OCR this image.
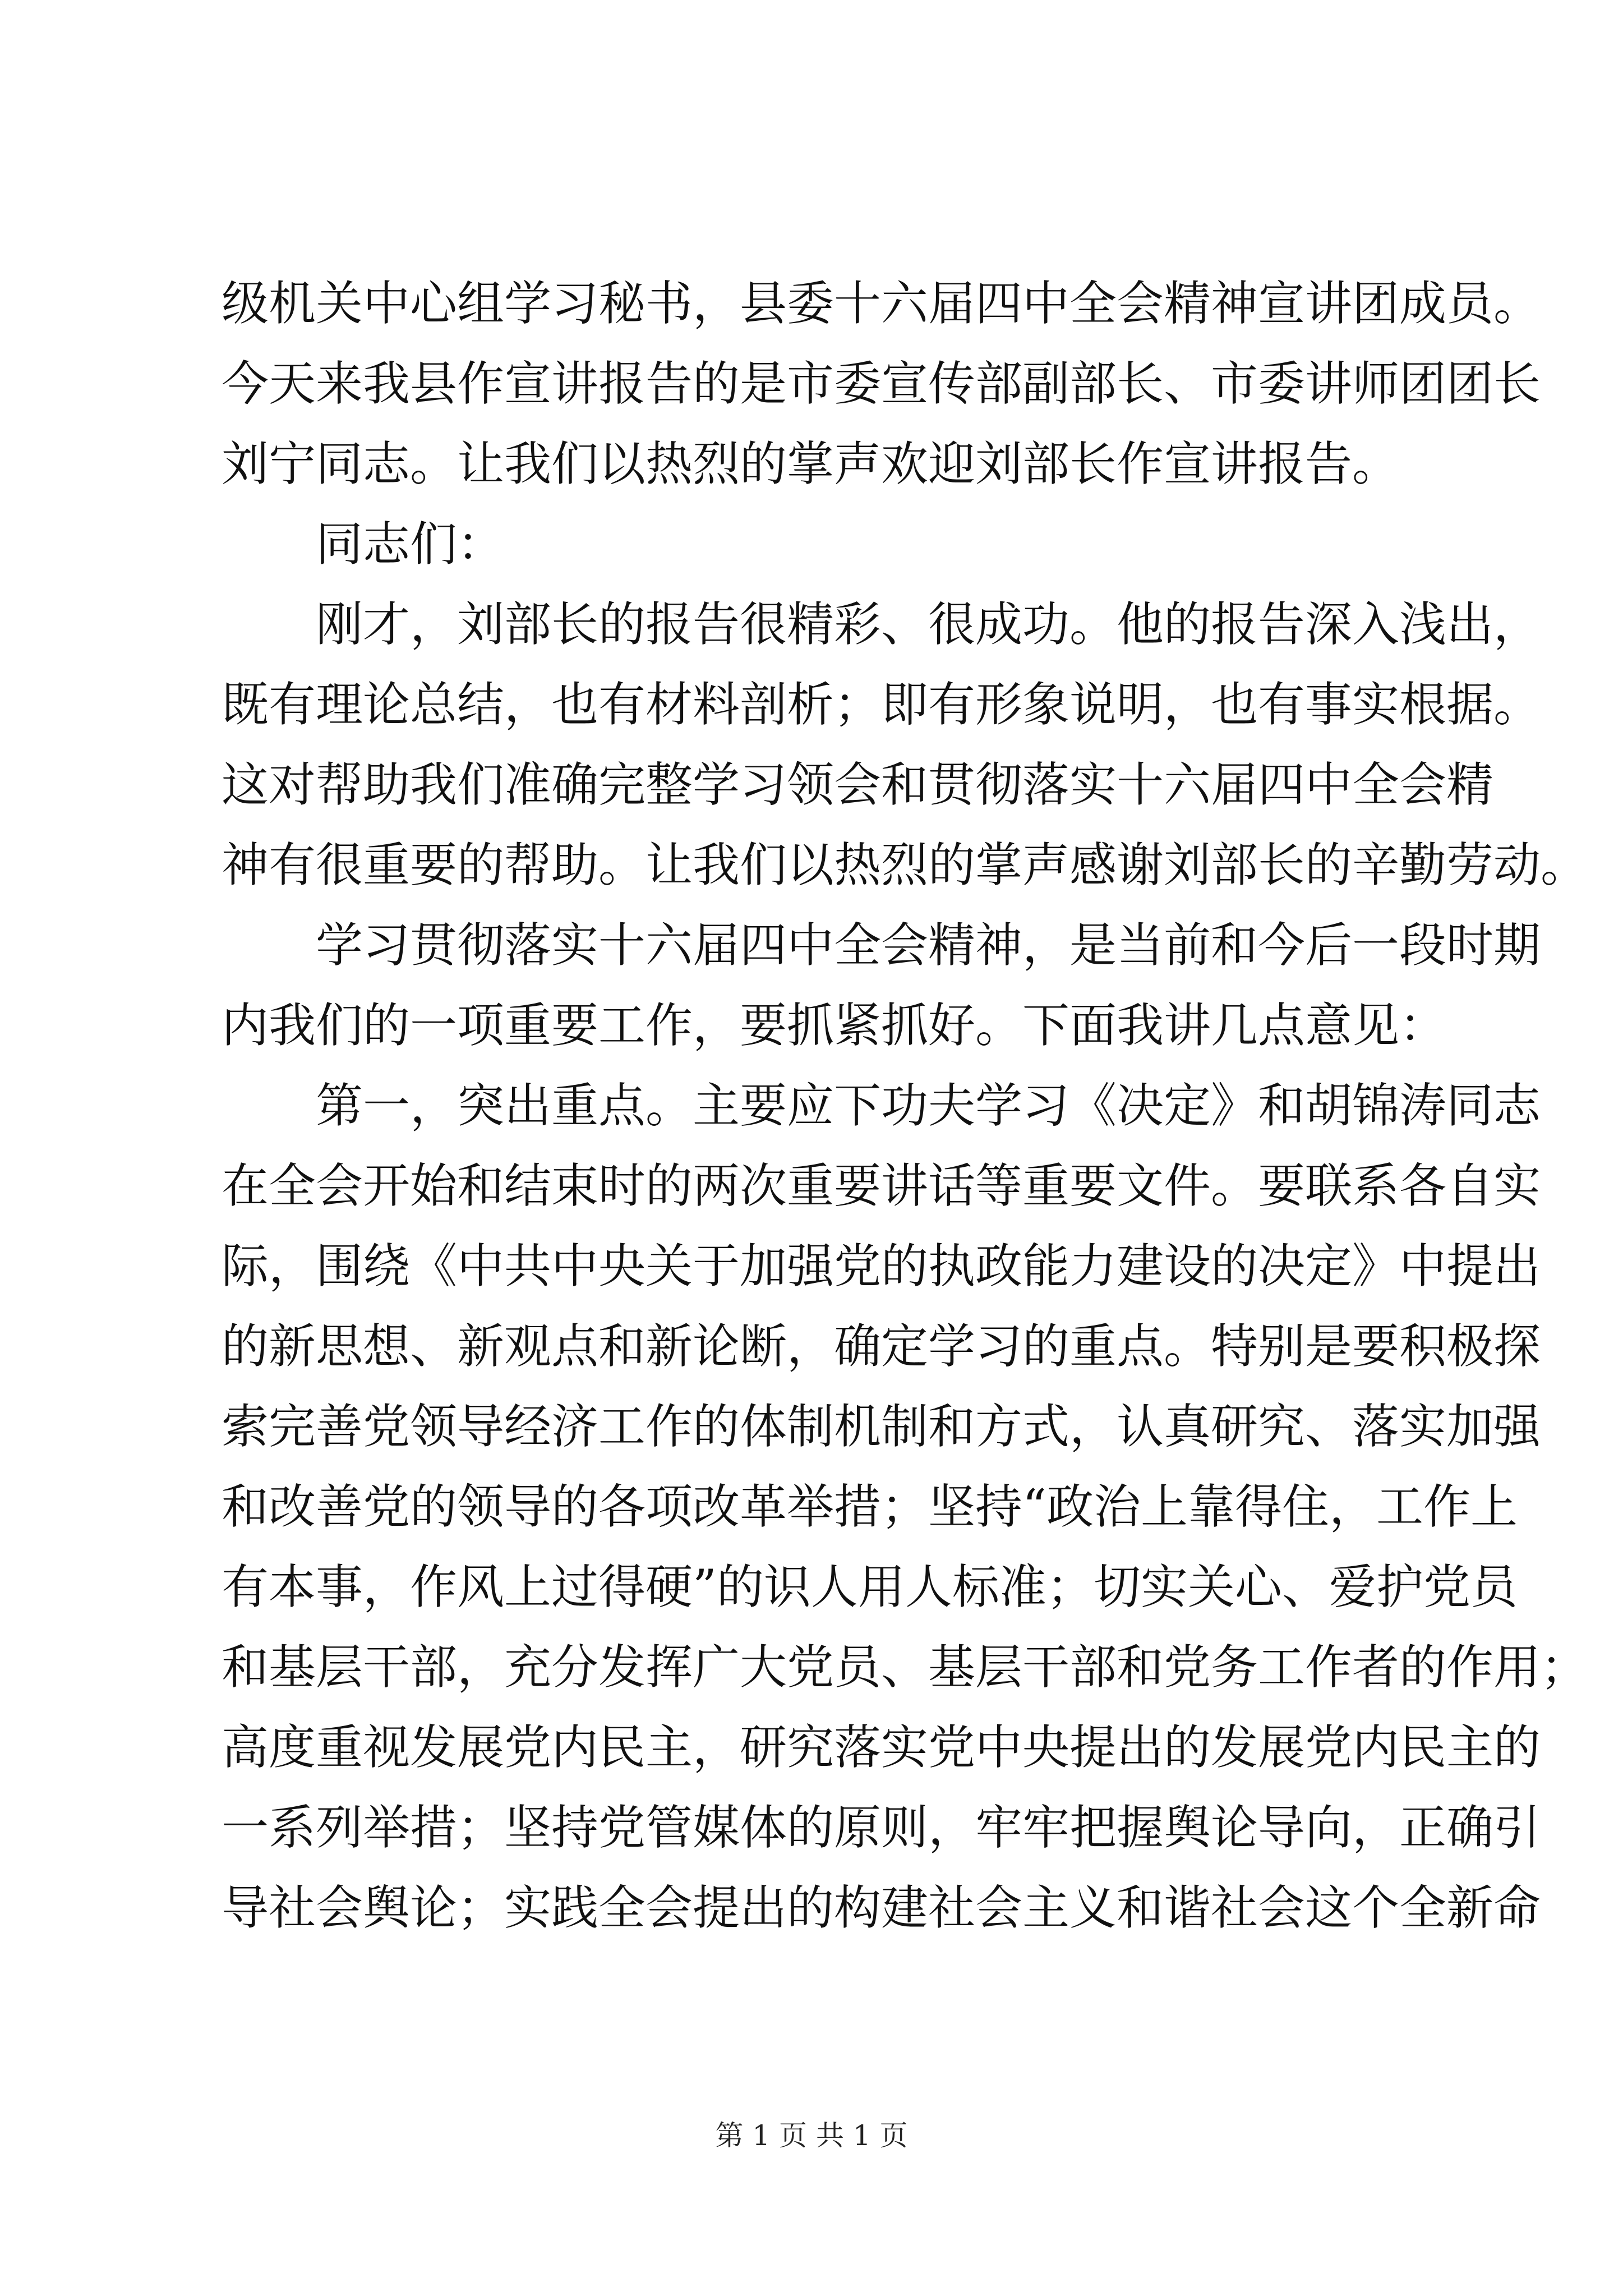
级机关中心组学习秘书，县委十六届四中全会精神宣讲团成员。
今天来我县作宣讲报告的是市委宣传部副部长、市委讲师团团长
刘宁同志。让我们以热烈的掌声欢迎刘部长作宣讲报告。
同志们：
刚才，刘部长的报告很精彩、很成功。他的报告深入浅出，
既有理论总结，也有材料剖析；即有形象说明，也有事实根据。
这对帮助我们准确完整学习领会和贯彻落实十六届四中全会精
神有很重要的帮助。让我们以热烈的掌声感谢刘部长的辛勤劳动。
学习贯彻落实十六届四中全会精神，是当前和今后一段时期
内我们的一项重要工作，要抓紧抓好。下面我讲几点意见：
第一，突出重点。主要应下功夫学习《决定》和胡锦涛同志
在全会开始和结束时的两次重要讲话等重要文件。要联系各自实
际，围绕《中共中央关于加强党的执政能力建设的决定》中提出
的新思想、新观点和新论断，确定学习的重点。特别是要积极探
索完善党领导经济工作的体制机制和方式，认真研究、落实加强
和改善党的领导的各项改革举措；坚持“政治上靠得住，工作上
有本事，作风上过得硬”的识人用人标准；切实关心、爱护党员
和基层干部，充分发挥广大党员、基层干部和党务工作者的作用；
高度重视发展党内民主，研究落实党中央提出的发展党内民主的
一系列举措；坚持党管媒体的原则，牢牢把握舆论导向，正确引
导社会舆论；实践全会提出的构建社会主义和谐社会这个全新命
第 1 页 共 1 页
